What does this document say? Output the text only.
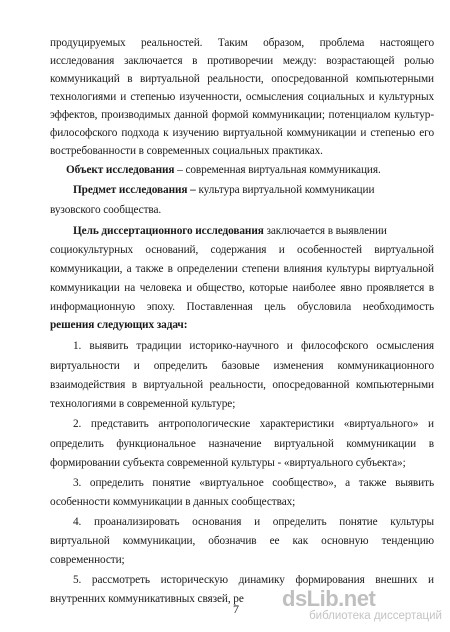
продуцируемых реальностей. Таким образом, проблема настоящего
исследования заключается в противоречии между: возрастающей ролью
коммуникаций в виртуальной реальности, опосредованной компьютерными
технологиями и степенью изученности, осмысления социальных и культурных
эффектов, производимых данной формой коммуникации; потенциалом культур-
философского подхода к изучению виртуальной коммуникации и степенью его
востребованности в современных социальных практиках.
Объект исследования – современная виртуальная коммуникация.
Предмет исследования – культура виртуальной коммуникации
вузовского сообщества.
Цель диссертационного исследования заключается в выявлении
социокультурных оснований, содержания и особенностей виртуальной
коммуникации, а также в определении степени влияния культуры виртуальной
коммуникации на человека и общество, которые наиболее явно проявляется в
информационную эпоху. Поставленная цель обусловила необходимость
решения следующих задач:
1. выявить традиции историко-научного и философского осмысления
виртуальности и определить базовые изменения коммуникационного
взаимодействия в виртуальной реальности, опосредованной компьютерными
технологиями в современной культуре;
2. представить антропологические характеристики «виртуального» и
определить функциональное назначение виртуальной коммуникации в
формировании субъекта современной культуры - «виртуального субъекта»;
3. определить понятие «виртуальное сообщество», а также выявить
особенности коммуникации в данных сообществах;
4. проанализировать основания и определить понятие культуры
виртуальной коммуникации, обозначив ее как основную тенденцию
современности;
5. рассмотреть историческую динамику формирования внешних и
внутренних коммуникативных связей, ре
7 dsLib.net
библиотека диссертаций
